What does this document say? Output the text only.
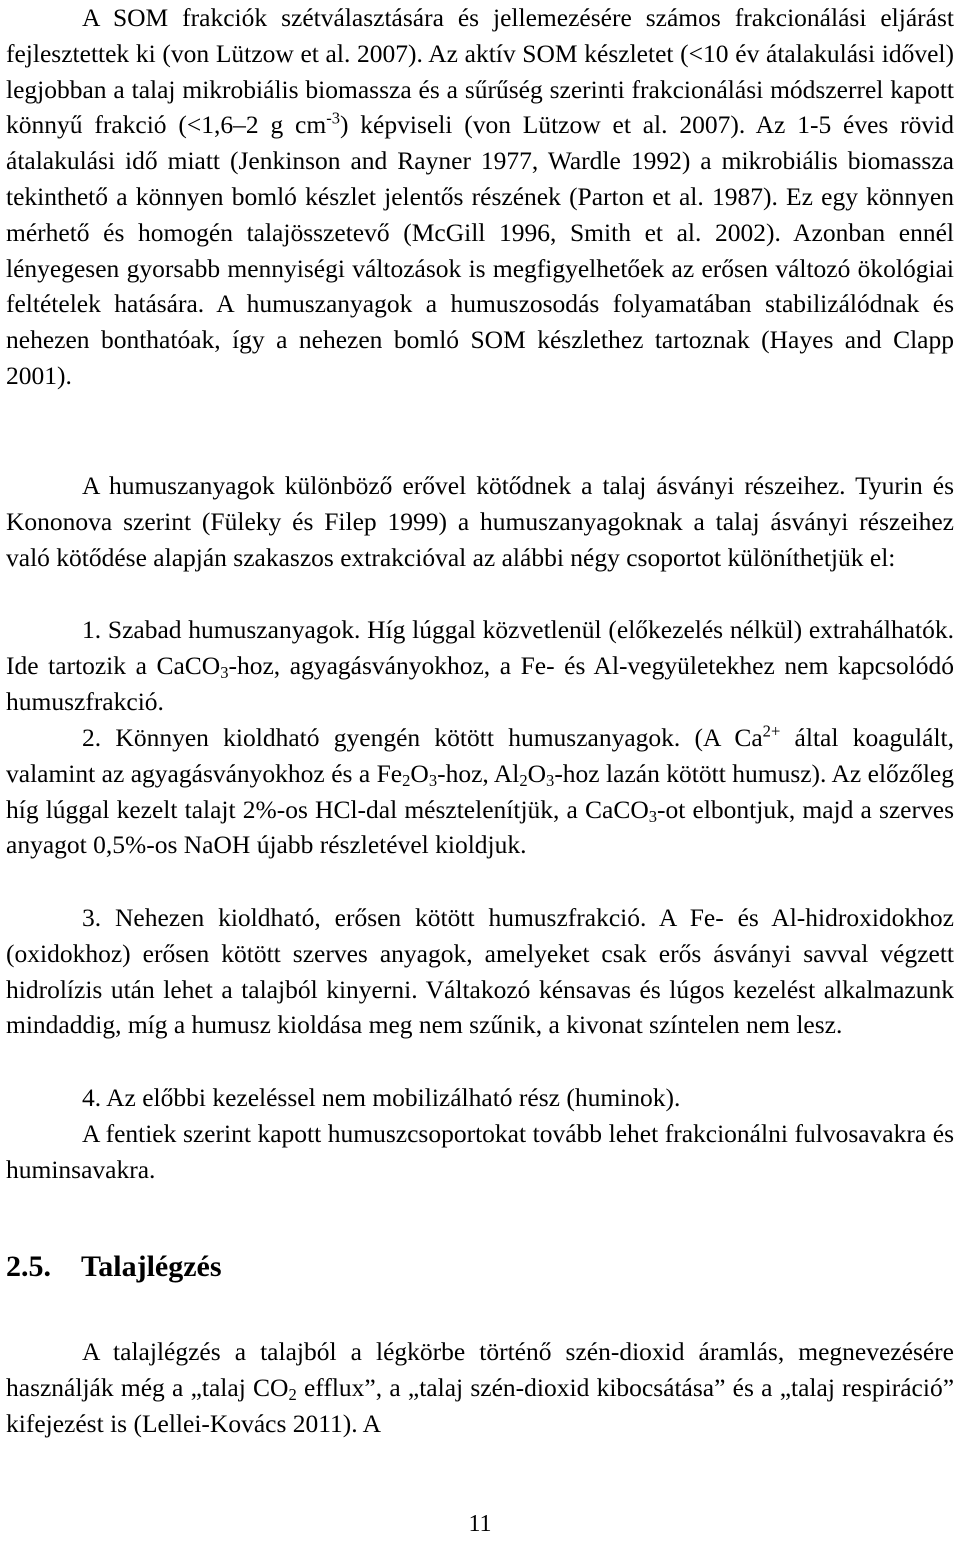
A SOM frakciók szétválasztására és jellemezésére számos frakcionálási eljárást fejlesztettek ki (von Lützow et al. 2007). Az aktív SOM készletet (<10 év átalakulási idővel) legjobban a talaj mikrobiális biomassza és a sűrűség szerinti frakcionálási módszerrel kapott könnyű frakció (<1,6–2 g $cm^{-3}$) képviseli (von Lützow et al. 2007). Az 1-5 éves rövid átalakulási idő miatt (Jenkinson and Rayner 1977, Wardle 1992) a mikrobiális biomassza tekinthető a könnyen bomló készlet jelentős részének (Parton et al. 1987). Ez egy könnyen mérhető és homogén talajösszetevő (McGill 1996, Smith et al. 2002). Azonban ennél lényegesen gyorsabb mennyiségi változások is megfigyelhetőek az erősen változó ökológiai feltételek hatására. A humuszanyagok a humuszosodás folyamatában stabilizálódnak és nehezen bonthatóak, így a nehezen bomló SOM készlethez tartoznak (Hayes and Clapp 2001).

A humuszanyagok különböző erővel kötődnek a talaj ásványi részeihez. Tyurin és Kononova szerint (Füleky és Filep 1999) a humuszanyagoknak a talaj ásványi részeihez való kötődése alapján szakaszos extrakcióval az alábbi négy csoportot különíthetjük el:

1. Szabad humuszanyagok. Híg lúggal közvetlenül (előkezelés nélkül) extrahálhatók. Ide tartozik a CaCO$_3$-hoz, agyagásványokhoz, a Fe- és Al-vegyületekhez nem kapcsolódó humuszfrakció.

2. Könnyen kioldható gyengén kötött humuszanyagok. (A $Ca^{2+}$ által koagulált, valamint az agyagásványokhoz és a $Fe_2O_3$-hoz, $Al_2O_3$-hoz lazán kötött humusz). Az előzőleg híg lúggal kezelt talajt 2%-os HCl-dal mésztelenítjük, a CaCO$_3$-ot elbontjuk, majd a szerves anyagot 0,5%-os NaOH újabb részletével kioldjuk.

3. Nehezen kioldható, erősen kötött humuszfrakció. A Fe- és Al-hidroxidokhoz (oxidokhoz) erősen kötött szerves anyagok, amelyeket csak erős ásványi savval végzett hidrolízis után lehet a talajból kinyerni. Váltakozó kénsavas és lúgos kezelést alkalmazunk mindaddig, míg a humusz kioldása meg nem szűnik, a kivonat színtelen nem lesz.

4. Az előbbi kezeléssel nem mobilizálható rész (huminok).

A fentiek szerint kapott humuszcsoportokat tovább lehet frakcionálni fulvosavakra és huminsavakra.

2.5. Talajlégzés

A talajlégzés a talajból a légkörbe történő szén-dioxid áramlás, megnevezésére használják még a „talaj $CO_2$ efflux”, a „talaj szén-dioxid kibocsátása” és a „talaj respiráció” kifejezést is (Lellei-Kovács 2011). A

11
